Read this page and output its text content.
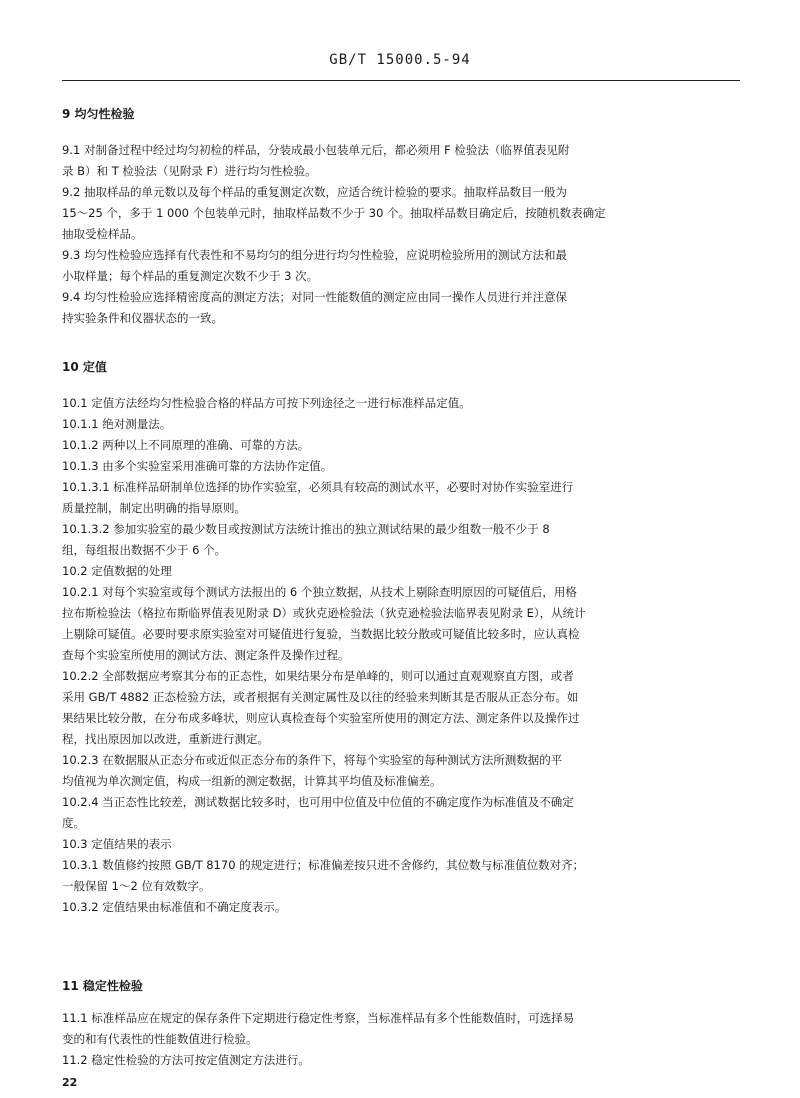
GB/T 15000.5-94
9 均匀性检验
9.1 对制备过程中经过均匀初检的样品，分装成最小包装单元后，都必须用 F 检验法（临界值表见附
录 B）和 T 检验法（见附录 F）进行均匀性检验。
9.2 抽取样品的单元数以及每个样品的重复测定次数，应适合统计检验的要求。抽取样品数目一般为
15～25 个，多于 1 000 个包装单元时，抽取样品数不少于 30 个。抽取样品数目确定后，按随机数表确定
抽取受检样品。
9.3 均匀性检验应选择有代表性和不易均匀的组分进行均匀性检验，应说明检验所用的测试方法和最
小取样量；每个样品的重复测定次数不少于 3 次。
9.4 均匀性检验应选择精密度高的测定方法；对同一性能数值的测定应由同一操作人员进行并注意保
持实验条件和仪器状态的一致。
10 定值
10.1 定值方法经均匀性检验合格的样品方可按下列途径之一进行标准样品定值。
10.1.1 绝对测量法。
10.1.2 两种以上不同原理的准确、可靠的方法。
10.1.3 由多个实验室采用准确可靠的方法协作定值。
10.1.3.1 标准样品研制单位选择的协作实验室，必须具有较高的测试水平，必要时对协作实验室进行
质量控制，制定出明确的指导原则。
10.1.3.2 参加实验室的最少数目或按测试方法统计推出的独立测试结果的最少组数一般不少于 8
组，每组报出数据不少于 6 个。
10.2 定值数据的处理
10.2.1 对每个实验室或每个测试方法报出的 6 个独立数据，从技术上剔除查明原因的可疑值后，用格
拉布斯检验法（格拉布斯临界值表见附录 D）或狄克逊检验法（狄克逊检验法临界表见附录 E），从统计
上剔除可疑值。必要时要求原实验室对可疑值进行复验，当数据比较分散或可疑值比较多时，应认真检
查每个实验室所使用的测试方法、测定条件及操作过程。
10.2.2 全部数据应考察其分布的正态性，如果结果分布是单峰的，则可以通过直观观察直方图，或者
采用 GB/T 4882 正态检验方法，或者根据有关测定属性及以往的经验来判断其是否服从正态分布。如
果结果比较分散，在分布成多峰状，则应认真检查每个实验室所使用的测定方法、测定条件以及操作过
程，找出原因加以改进，重新进行测定。
10.2.3 在数据服从正态分布或近似正态分布的条件下，将每个实验室的每种测试方法所测数据的平
均值视为单次测定值，构成一组新的测定数据，计算其平均值及标准偏差。
10.2.4 当正态性比较差，测试数据比较多时，也可用中位值及中位值的不确定度作为标准值及不确定
度。
10.3 定值结果的表示
10.3.1 数值修约按照 GB/T 8170 的规定进行；标准偏差按只进不舍修约，其位数与标准值位数对齐；
一般保留 1～2 位有效数字。
10.3.2 定值结果由标准值和不确定度表示。
11 稳定性检验
11.1 标准样品应在规定的保存条件下定期进行稳定性考察，当标准样品有多个性能数值时，可选择易
变的和有代表性的性能数值进行检验。
11.2 稳定性检验的方法可按定值测定方法进行。
22
